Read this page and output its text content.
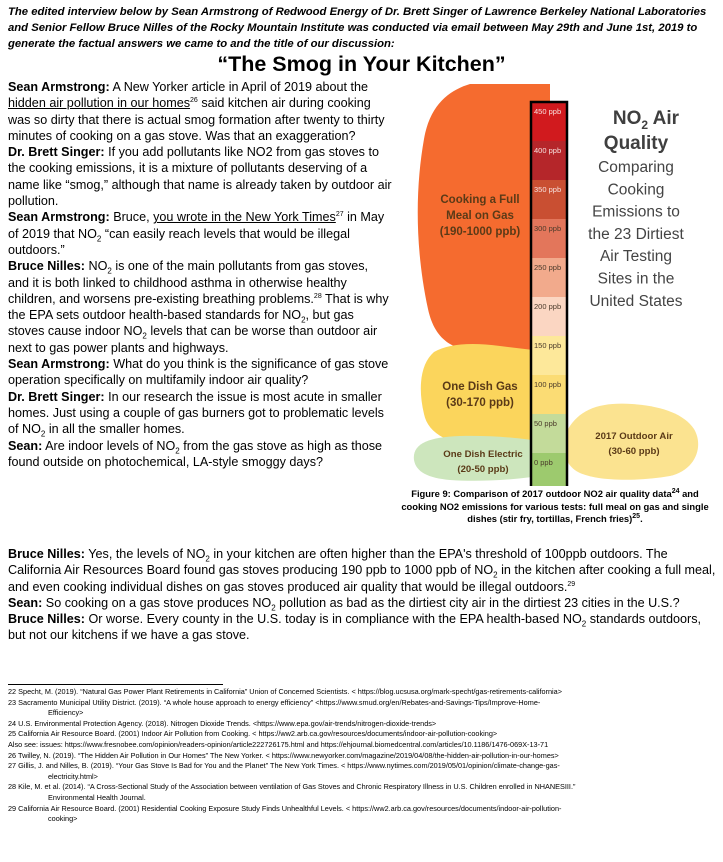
The edited interview below by Sean Armstrong of Redwood Energy of Dr. Brett Singer of Lawrence Berkeley National Laboratories and Senior Fellow Bruce Nilles of the Rocky Mountain Institute was conducted via email between May 29th and June 1st, 2019 to generate the factual answers we came to and the title of our discussion:
“The Smog in Your Kitchen”

Sean Armstrong: A New Yorker article in April of 2019 about the hidden air pollution in our homes$^{26}$ said kitchen air during cooking was so dirty that there is actual smog formation after twenty to thirty minutes of cooking on a gas stove. Was that an exaggeration?

Dr. Brett Singer: If you add pollutants like NO2 from gas stoves to the cooking emissions, it is a mixture of pollutants deserving of a name like “smog,” although that name is already taken by outdoor air pollution.

Sean Armstrong: Bruce, you wrote in the New York Times$^{27}$ in May of 2019 that $NO_2$ “can easily reach levels that would be illegal outdoors.”

Bruce Nilles: $NO_2$ is one of the main pollutants from gas stoves, and it is both linked to childhood asthma in otherwise healthy children, and worsens pre-existing breathing problems.$^{28}$ That is why the EPA sets outdoor health-based standards for $NO_2$, but gas stoves cause indoor $NO_2$ levels that can be worse than outdoor air next to gas power plants and highways.

Sean Armstrong: What do you think is the significance of gas stove operation specifically on multifamily indoor air quality?

Dr. Brett Singer: In our research the issue is most acute in smaller homes. Just using a couple of gas burners got to problematic levels of $NO_2$ in all the smaller homes.

Sean: Are indoor levels of $NO_2$ from the gas stove as high as those found outside on photochemical, LA-style smoggy days?

Bruce Nilles: Yes, the levels of $NO_2$ in your kitchen are often higher than the EPA's threshold of 100ppb outdoors. The California Air Resources Board found gas stoves producing 190 ppb to 1000 ppb of $NO_2$ in the kitchen after cooking a full meal, and even cooking individual dishes on gas stoves produced air quality that would be illegal outdoors.$^{29}$

Sean: So cooking on a gas stove produces $NO_2$ pollution as bad as the dirtiest city air in the dirtiest 23 cities in the U.S.?

Bruce Nilles: Or worse. Every county in the U.S. today is in compliance with the EPA health-based $NO_2$ standards outdoors, but not our kitchens if we have a gas stove.

450 ppb
400 ppb
350 ppb
300 ppb
250 ppb
200 ppb
150 ppb
100 ppb
50 ppb
0 ppb
$NO_2$ Air
Quality
Comparing
Cooking
Emissions to
the 23 Dirtiest
Air Testing
Sites in the
United States
Cooking a Full
Meal on Gas
(190-1000 ppb)
One Dish Gas
(30-170 ppb)
One Dish Electric
(20-50 ppb)
2017 Outdoor Air
(30-60 ppb)
Figure 9: Comparison of 2017 outdoor NO2 air quality data$^{24}$ and cooking NO2 emissions for various tests: full meal on gas and single dishes (stir fry, tortillas, French fries)$^{25}$.

22 Specht, M. (2019). “Natural Gas Power Plant Retirements in California” Union of Concerned Scientists. < https://blog.ucsusa.org/mark-specht/gas-retirements-california>

23 Sacramento Municipal Utility District. (2019). “A whole house approach to energy efficiency” <https://www.smud.org/en/Rebates-and-Savings-Tips/Improve-Home-

Efficiency>

24 U.S. Environmental Protection Agency. (2018). Nitrogen Dioxide Trends. <https://www.epa.gov/air-trends/nitrogen-dioxide-trends>

25 California Air Resource Board. (2001) Indoor Air Pollution from Cooking. < https://ww2.arb.ca.gov/resources/documents/indoor-air-pollution-cooking>

Also see: issues: https://www.fresnobee.com/opinion/readers-opinion/article222726175.html and https://ehjournal.biomedcentral.com/articles/10.1186/1476-069X-13-71

26 Twilley, N. (2019). “The Hidden Air Pollution in Our Homes” The New Yorker. < https://www.newyorker.com/magazine/2019/04/08/the-hidden-air-pollution-in-our-homes>

27 Gillis, J. and Nilles, B. (2019). “Your Gas Stove Is Bad for You and the Planet” The New York Times. < https://www.nytimes.com/2019/05/01/opinion/climate-change-gas-

electricity.html>

28 Kile, M. et al. (2014). “A Cross-Sectional Study of the Association between ventilation of Gas Stoves and Chronic Respiratory Illness in U.S. Children enrolled in NHANESIII.”

Environmental Health Journal.

29 California Air Resource Board. (2001) Residential Cooking Exposure Study Finds Unhealthful Levels. < https://ww2.arb.ca.gov/resources/documents/indoor-air-pollution-

cooking>
